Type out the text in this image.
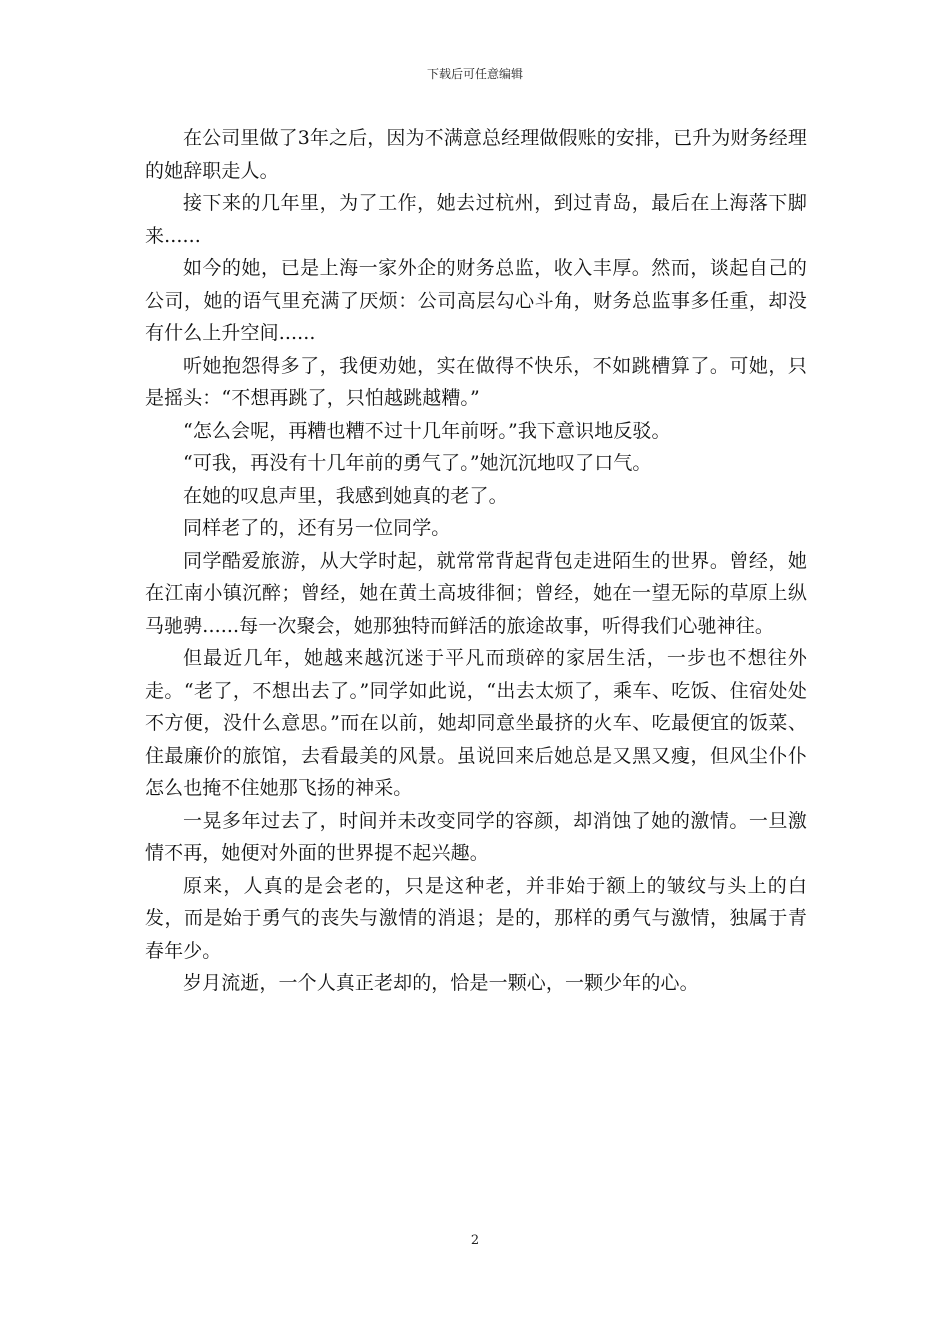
下载后可任意编辑

在公司里做了3年之后，因为不满意总经理做假账的安排，已升为财务经理的她辞职走人。

接下来的几年里，为了工作，她去过杭州，到过青岛，最后在上海落下脚来......

如今的她，已是上海一家外企的财务总监，收入丰厚。然而，谈起自己的公司，她的语气里充满了厌烦：公司高层勾心斗角，财务总监事多任重，却没有什么上升空间......

听她抱怨得多了，我便劝她，实在做得不快乐，不如跳槽算了。可她，只是摇头：“不想再跳了，只怕越跳越糟。”

“怎么会呢，再糟也糟不过十几年前呀。”我下意识地反驳。

“可我，再没有十几年前的勇气了。”她沉沉地叹了口气。

在她的叹息声里，我感到她真的老了。

同样老了的，还有另一位同学。

同学酷爱旅游，从大学时起，就常常背起背包走进陌生的世界。曾经，她在江南小镇沉醉；曾经，她在黄土高坡徘徊；曾经，她在一望无际的草原上纵马驰骋......每一次聚会，她那独特而鲜活的旅途故事，听得我们心驰神往。

但最近几年，她越来越沉迷于平凡而琐碎的家居生活，一步也不想往外走。“老了，不想出去了。”同学如此说，“出去太烦了，乘车、吃饭、住宿处处不方便，没什么意思。”而在以前，她却同意坐最挤的火车、吃最便宜的饭菜、住最廉价的旅馆，去看最美的风景。虽说回来后她总是又黑又瘦，但风尘仆仆怎么也掩不住她那飞扬的神采。

一晃多年过去了，时间并未改变同学的容颜，却消蚀了她的激情。一旦激情不再，她便对外面的世界提不起兴趣。

原来，人真的是会老的，只是这种老，并非始于额上的皱纹与头上的白发，而是始于勇气的丧失与激情的消退；是的，那样的勇气与激情，独属于青春年少。

岁月流逝，一个人真正老却的，恰是一颗心，一颗少年的心。

2
